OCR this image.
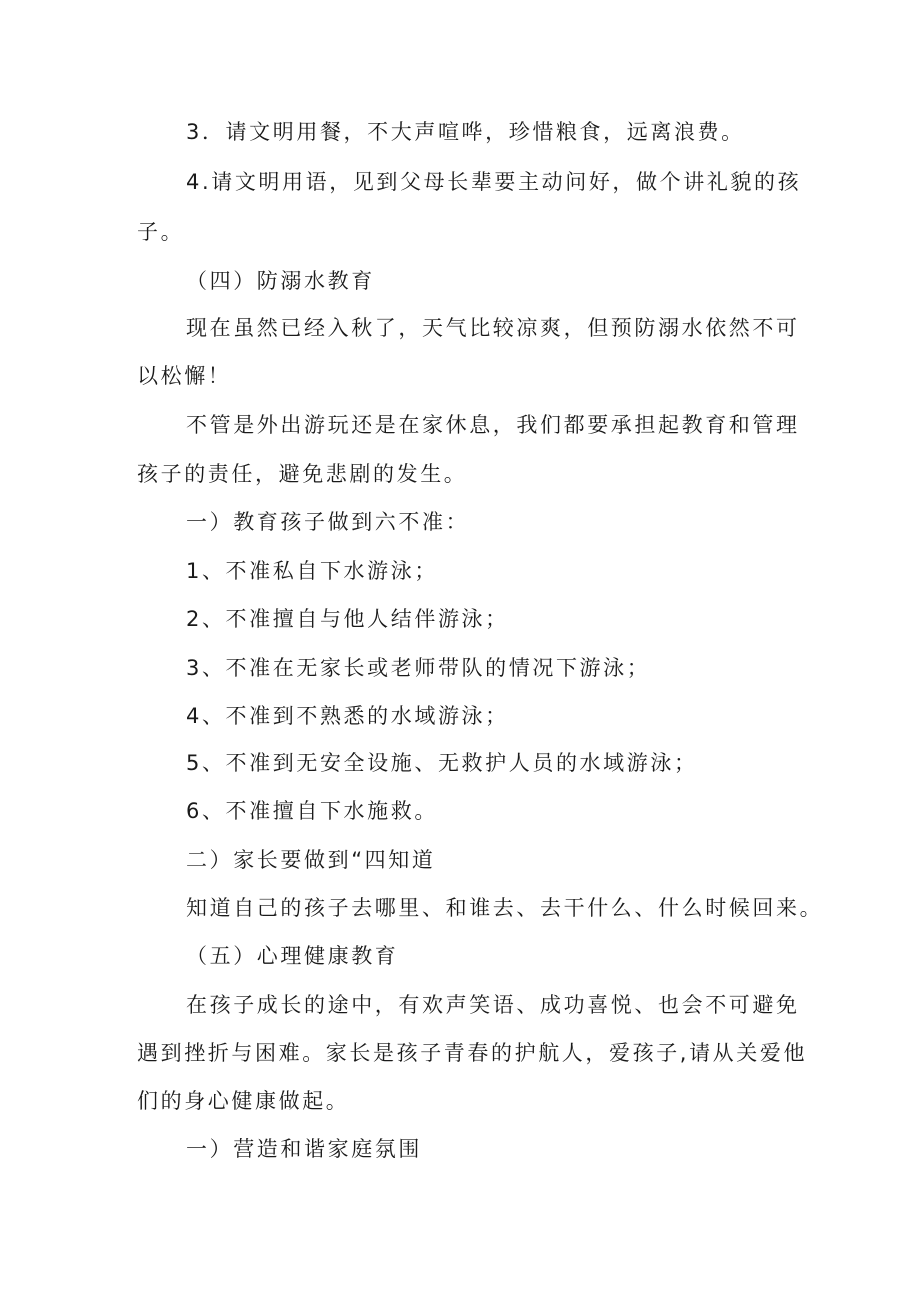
3．请文明用餐，不大声喧哗，珍惜粮食，远离浪费。
4.请文明用语，见到父母长辈要主动问好，做个讲礼貌的孩
子。
（四）防溺水教育
现在虽然已经入秋了，天气比较凉爽，但预防溺水依然不可
以松懈！
不管是外出游玩还是在家休息，我们都要承担起教育和管理
孩子的责任，避免悲剧的发生。
一）教育孩子做到六不准：
1、不准私自下水游泳；
2、不准擅自与他人结伴游泳；
3、不准在无家长或老师带队的情况下游泳；
4、不准到不熟悉的水域游泳；
5、不准到无安全设施、无救护人员的水域游泳；
6、不准擅自下水施救。
二）家长要做到“四知道
知道自己的孩子去哪里、和谁去、去干什么、什么时候回来。
（五）心理健康教育
在孩子成长的途中，有欢声笑语、成功喜悦、也会不可避免
遇到挫折与困难。家长是孩子青春的护航人，爱孩子,请从关爱他
们的身心健康做起。
一）营造和谐家庭氛围
